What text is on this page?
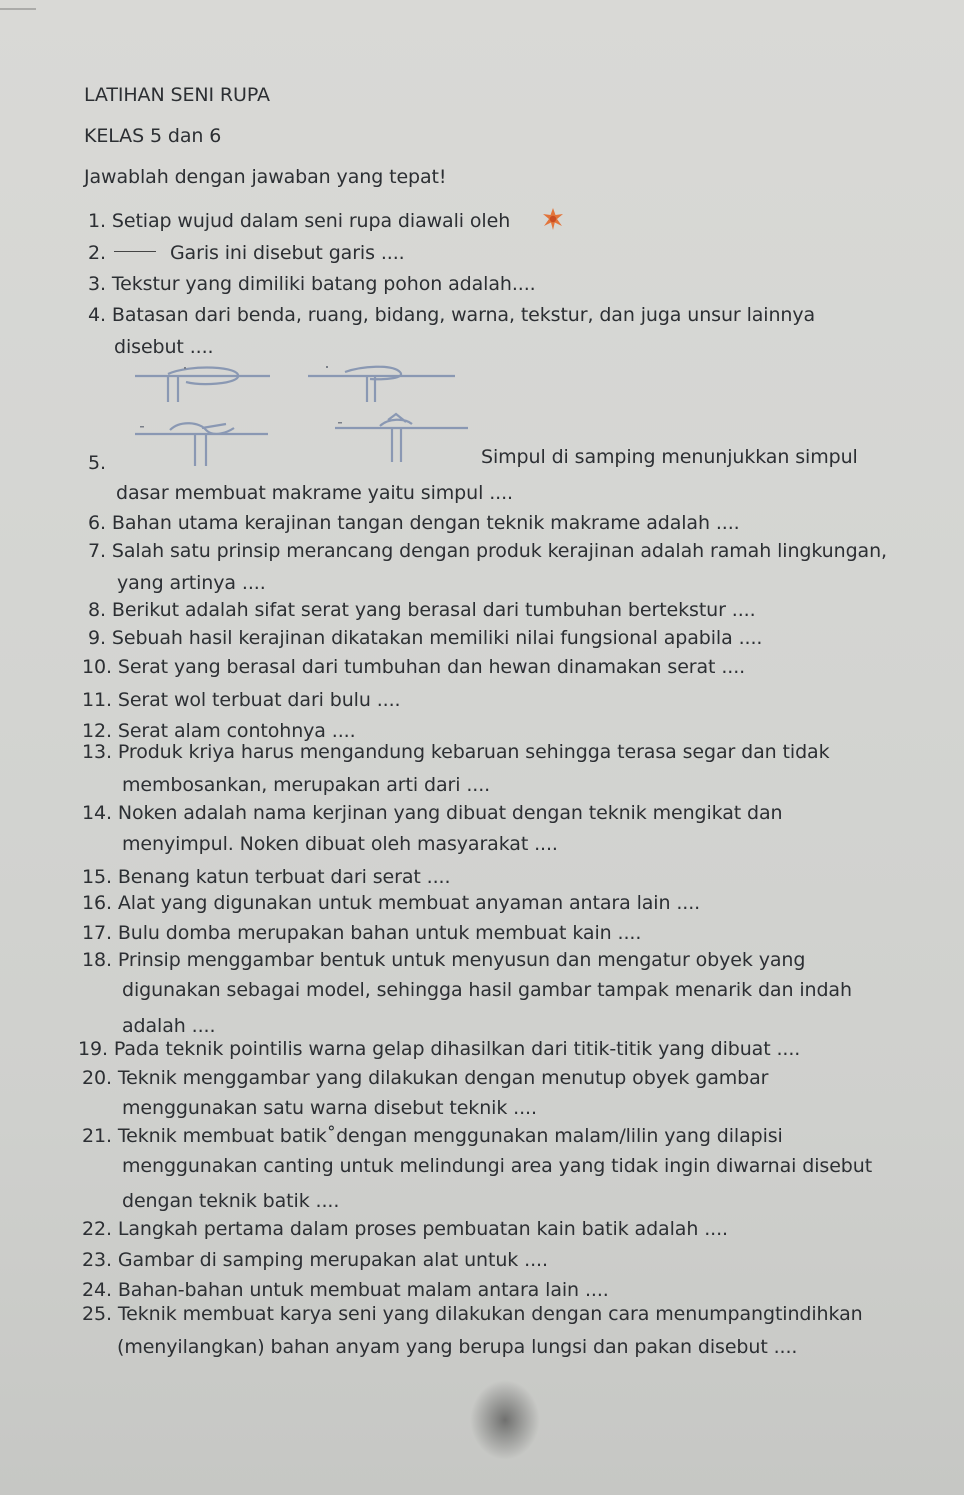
LATIHAN SENI RUPA
KELAS 5 dan 6
Jawablah dengan jawaban yang tepat!
1. Setiap wujud dalam seni rupa diawali oleh
2.	Garis ini disebut garis ....
3. Tekstur yang dimiliki batang pohon adalah....
4. Batasan dari benda, ruang, bidang, warna, tekstur, dan juga unsur lainnya
disebut ....
5.	Simpul di samping menunjukkan simpul
dasar membuat makrame yaitu simpul ....
6. Bahan utama kerajinan tangan dengan teknik makrame adalah ....
7. Salah satu prinsip merancang dengan produk kerajinan adalah ramah lingkungan,
yang artinya ....
8. Berikut adalah sifat serat yang berasal dari tumbuhan bertekstur ....
9. Sebuah hasil kerajinan dikatakan memiliki nilai fungsional apabila ....
10. Serat yang berasal dari tumbuhan dan hewan dinamakan serat ....
11. Serat wol terbuat dari bulu ....
12. Serat alam contohnya ....
13. Produk kriya harus mengandung kebaruan sehingga terasa segar dan tidak
membosankan, merupakan arti dari ....
14. Noken adalah nama kerjinan yang dibuat dengan teknik mengikat dan
menyimpul. Noken dibuat oleh masyarakat ....
15. Benang katun terbuat dari serat ....
16. Alat yang digunakan untuk membuat anyaman antara lain ....
17. Bulu domba merupakan bahan untuk membuat kain ....
18. Prinsip menggambar bentuk untuk menyusun dan mengatur obyek yang
digunakan sebagai model, sehingga hasil gambar tampak menarik dan indah
adalah ....
19. Pada teknik pointilis warna gelap dihasilkan dari titik-titik yang dibuat ....
20. Teknik menggambar yang dilakukan dengan menutup obyek gambar
menggunakan satu warna disebut teknik ....
21. Teknik membuat batik˚dengan menggunakan malam/lilin yang dilapisi
menggunakan canting untuk melindungi area yang tidak ingin diwarnai disebut
dengan teknik batik ....
22. Langkah pertama dalam proses pembuatan kain batik adalah ....
23. Gambar di samping merupakan alat untuk ....
24. Bahan-bahan untuk membuat malam antara lain ....
25. Teknik membuat karya seni yang dilakukan dengan cara menumpangtindihkan
(menyilangkan) bahan anyam yang berupa lungsi dan pakan disebut ....
